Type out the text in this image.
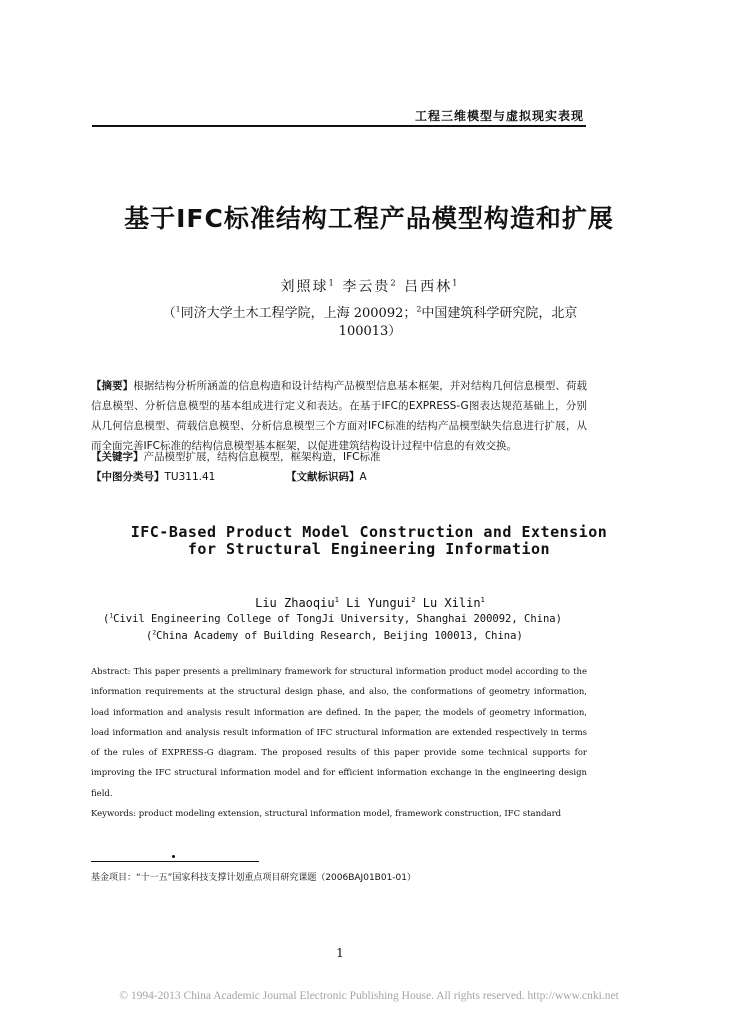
工程三维模型与虚拟现实表现
基于IFC标准结构工程产品模型构造和扩展
刘照球$^1$ 李云贵$^2$ 吕西林$^1$
（$^1$同济大学土木工程学院，上海 200092；$^2$中国建筑科学研究院，北京
100013）
【摘要】根据结构分析所涵盖的信息构造和设计结构产品模型信息基本框架，并对结构几何信息模型、荷载信息模型、分析信息模型的基本组成进行定义和表达。在基于IFC的EXPRESS-G图表达规范基础上，分别从几何信息模型、荷载信息模型、分析信息模型三个方面对IFC标准的结构产品模型缺失信息进行扩展，从而全面完善IFC标准的结构信息模型基本框架，以促进建筑结构设计过程中信息的有效交换。
【关键字】产品模型扩展，结构信息模型，框架构造，IFC标准
【中图分类号】TU311.41	【文献标识码】A
IFC-Based Product Model Construction and Extension
for Structural Engineering Information
Liu Zhaoqiu$^1$ Li Yungui$^2$ Lu Xilin$^1$
($^1$Civil Engineering College of TongJi University, Shanghai 200092, China)
($^2$China Academy of Building Research, Beijing 100013, China)
Abstract: This paper presents a preliminary framework for structural information product model according to the information requirements at the structural design phase, and also, the conformations of geometry information, load information and analysis result information are defined. In the paper, the models of geometry information, load information and analysis result information of IFC structural information are extended respectively in terms of the rules of EXPRESS-G diagram. The proposed results of this paper provide some technical supports for improving the IFC structural information model and for efficient information exchange in the engineering design field.
Keywords: product modeling extension, structural information model, framework construction, IFC standard
基金项目：“十一五”国家科技支撑计划重点项目研究课题（2006BAJ01B01-01）
1
© 1994-2013 China Academic Journal Electronic Publishing House. All rights reserved. http://www.cnki.net
